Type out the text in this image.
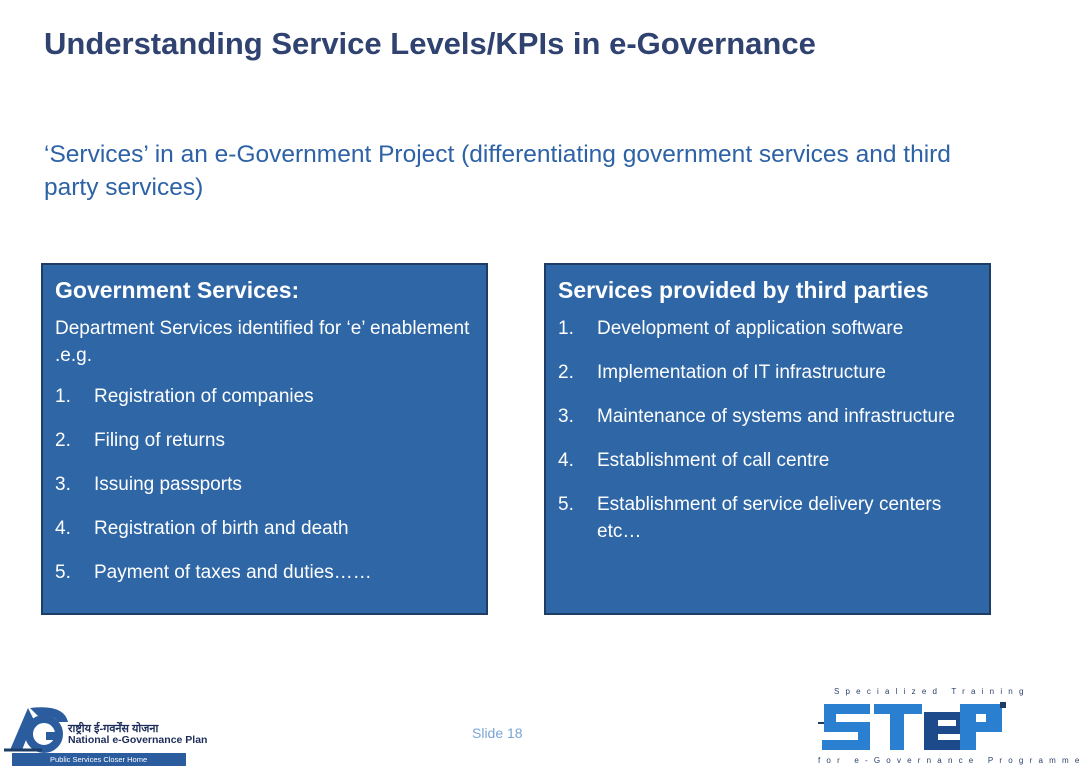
Understanding Service Levels/KPIs in e-Governance
‘Services’ in an e-Government Project (differentiating government services and third party services)
Government Services:
Department Services identified for ‘e’ enablement .e.g.
1.	Registration of companies
2.	Filing of returns
3.	Issuing passports
4.	Registration of birth and death
5.	Payment of taxes and duties……
Services provided by third parties
1.	Development of application software
2.	Implementation of IT infrastructure
3.	Maintenance of systems and infrastructure
4.	Establishment of call centre
5.	Establishment of service delivery centers etc…
Slide 18
राष्ट्रीय ई-गवर्नेंस योजना
National e-Governance Plan
Public Services Closer Home
Specialized Training
for e-Governance Programme
